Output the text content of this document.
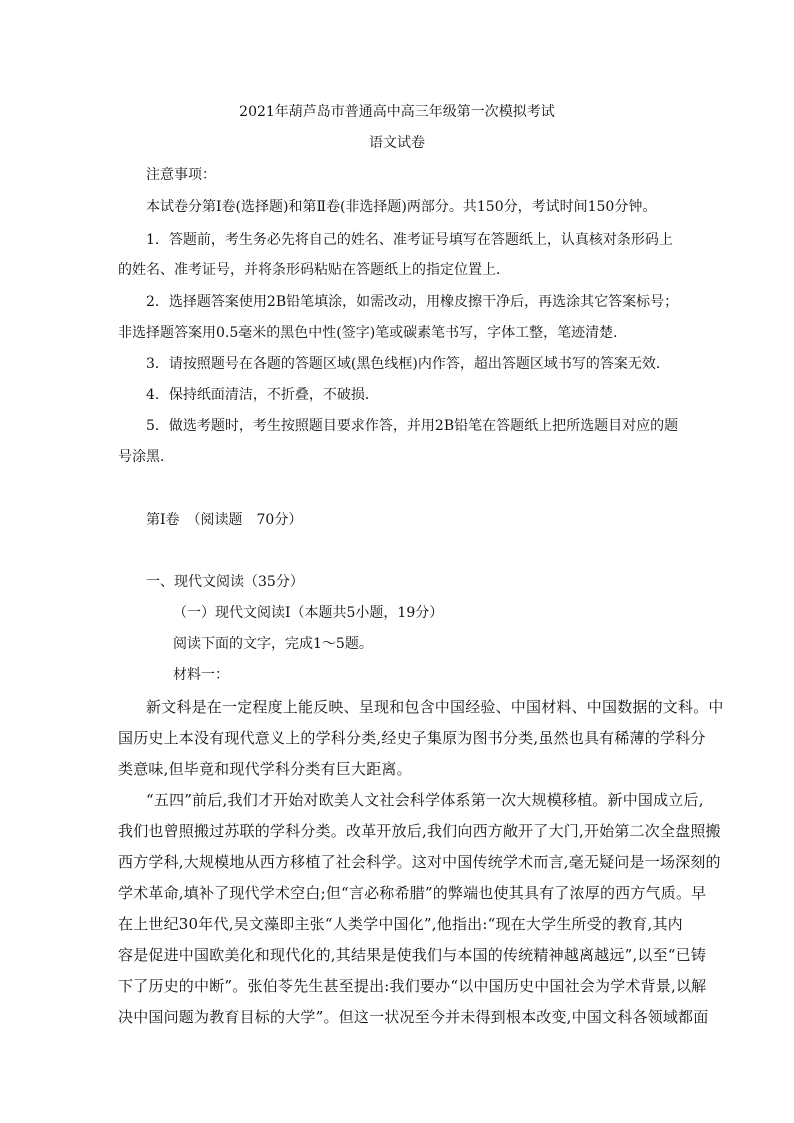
2021年葫芦岛市普通高中高三年级第一次模拟考试

语文试卷

注意事项：

本试卷分第Ⅰ卷(选择题)和第Ⅱ卷(非选择题)两部分。共150分，考试时间150分钟。

1．答题前，考生务必先将自己的姓名、准考证号填写在答题纸上，认真核对条形码上

的姓名、准考证号，并将条形码粘贴在答题纸上的指定位置上．

2．选择题答案使用2B铅笔填涂，如需改动，用橡皮擦干净后，再选涂其它答案标号；

非选择题答案用0.5毫米的黑色中性(签字)笔或碳素笔书写，字体工整，笔迹清楚．

3．请按照题号在各题的答题区域(黑色线框)内作答，超出答题区域书写的答案无效．

4．保持纸面清洁，不折叠，不破损．

5．做选考题时，考生按照题目要求作答，并用2B铅笔在答题纸上把所选题目对应的题

号涂黑．

第Ⅰ卷　（阅读题　70分）

一、现代文阅读（35分）

（一）现代文阅读Ⅰ（本题共5小题，19分）

阅读下面的文字，完成1～5题。

材料一：

新文科是在一定程度上能反映、呈现和包含中国经验、中国材料、中国数据的文科。中

国历史上本没有现代意义上的学科分类,经史子集原为图书分类,虽然也具有稀薄的学科分

类意味,但毕竟和现代学科分类有巨大距离。

“五四”前后,我们才开始对欧美人文社会科学体系第一次大规模移植。新中国成立后,

我们也曾照搬过苏联的学科分类。改革开放后,我们向西方敞开了大门,开始第二次全盘照搬

西方学科,大规模地从西方移植了社会科学。这对中国传统学术而言,毫无疑问是一场深刻的

学术革命,填补了现代学术空白;但“言必称希腊”的弊端也使其具有了浓厚的西方气质。早

在上世纪30年代,吴文藻即主张“人类学中国化”,他指出:“现在大学生所受的教育,其内

容是促进中国欧美化和现代化的,其结果是使我们与本国的传统精神越离越远”,以至“已铸

下了历史的中断”。张伯苓先生甚至提出:我们要办“以中国历史中国社会为学术背景,以解

决中国问题为教育目标的大学”。但这一状况至今并未得到根本改变,中国文科各领域都面
